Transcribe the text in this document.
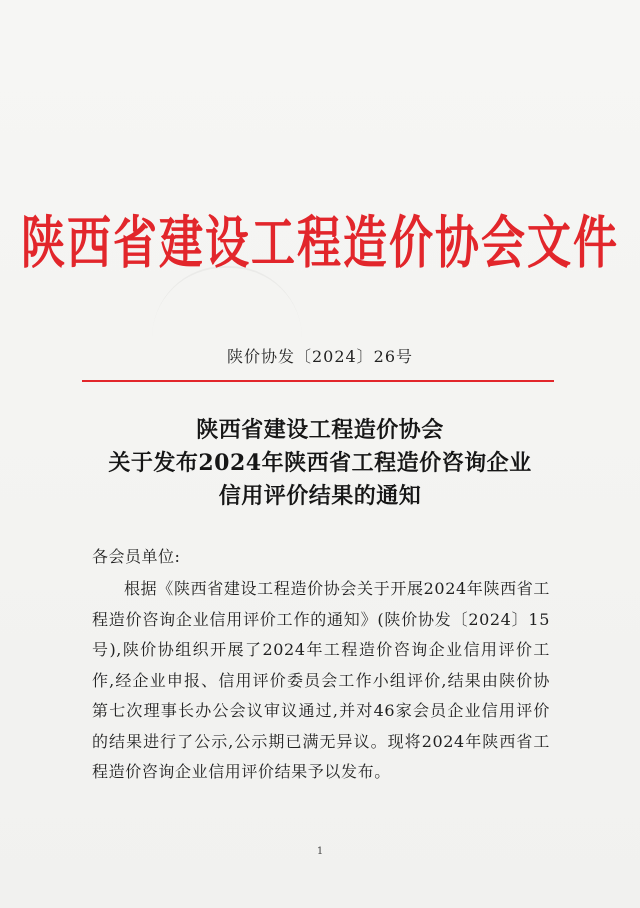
陕西省建设工程造价协会文件
陕价协发〔2024〕26号
陕西省建设工程造价协会
关于发布2024年陕西省工程造价咨询企业
信用评价结果的通知
各会员单位:
根据《陕西省建设工程造价协会关于开展2024年陕西省工程造价咨询企业信用评价工作的通知》(陕价协发〔2024〕15号),陕价协组织开展了2024年工程造价咨询企业信用评价工作,经企业申报、信用评价委员会工作小组评价,结果由陕价协第七次理事长办公会议审议通过,并对46家会员企业信用评价的结果进行了公示,公示期已满无异议。现将2024年陕西省工程造价咨询企业信用评价结果予以发布。
1
